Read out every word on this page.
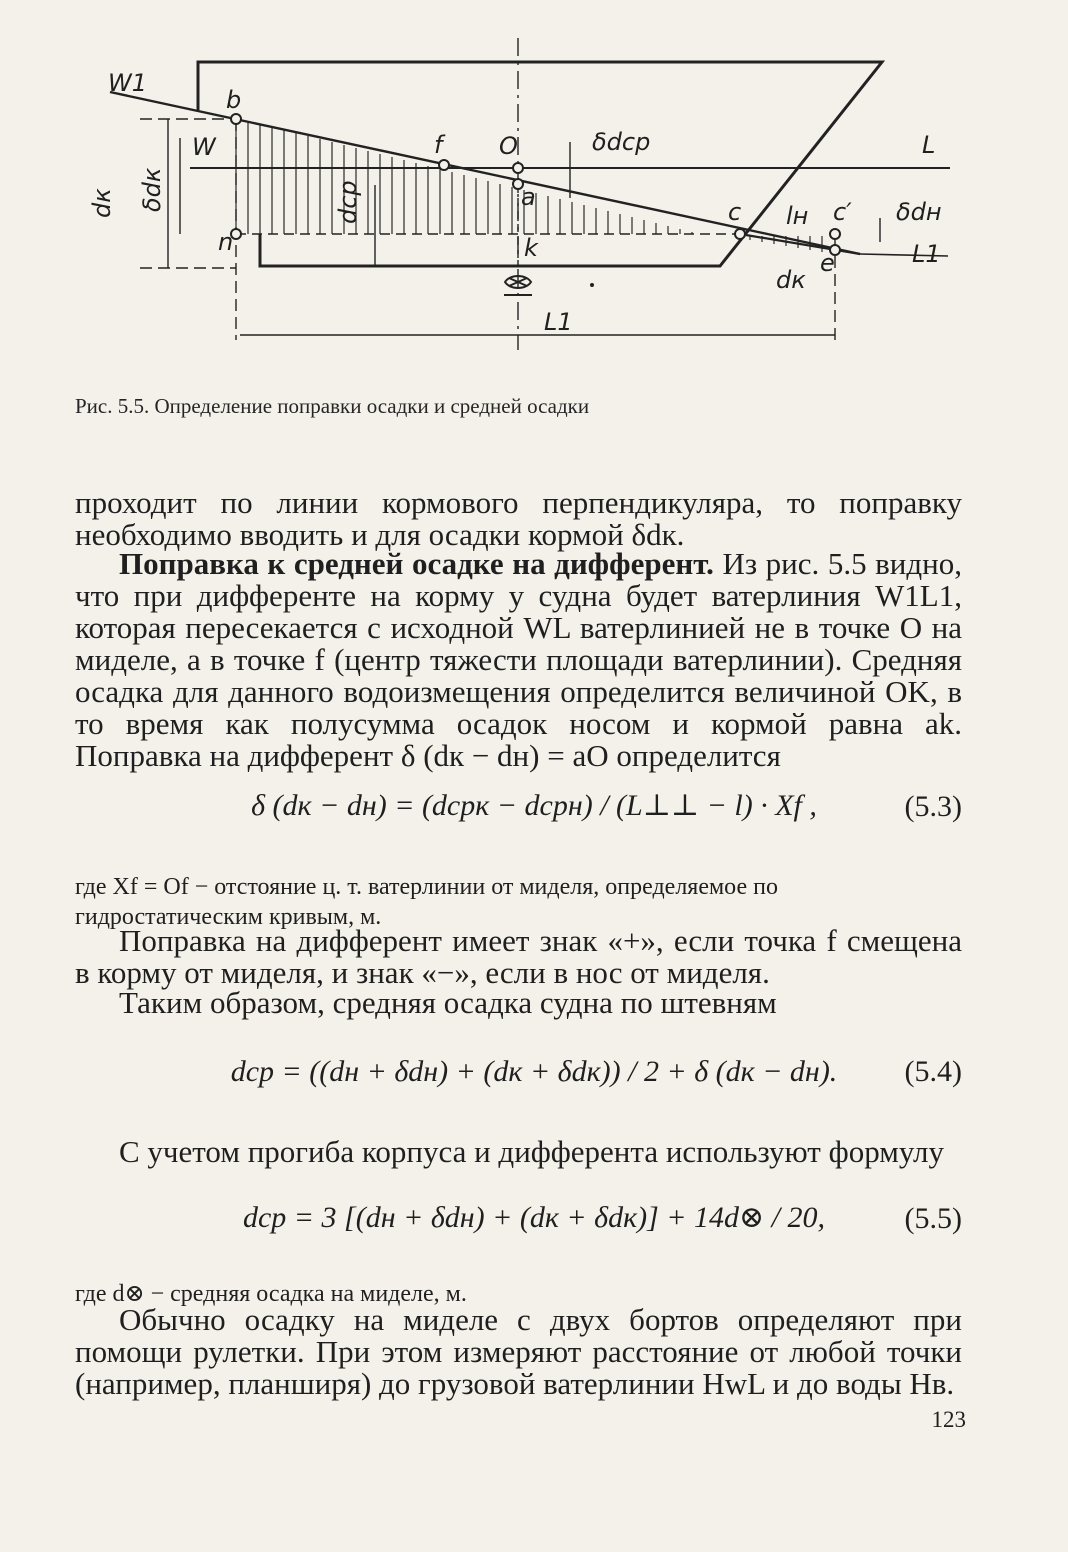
W1
b
W	f O	δdcp	L
dк δdк	dcp	a
c lн c′ δdн
n	k
e	L1
dк
L1
Рис. 5.5. Определение поправки осадки и средней осадки
проходит по линии кормового перпендикуляра, то поправку необходимо вводить и для осадки кормой δdк.
Поправка к средней осадке на дифферент. Из рис. 5.5 видно, что при дифференте на корму у судна будет ватерлиния W1L1, которая пересекается с исходной WL ватерлинией не в точке O на миделе, а в точке f (центр тяжести площади ватерлинии). Средняя осадка для данного водоизмещения определится величиной OK, в то время как полусумма осадок носом и кормой равна ak. Поправка на дифферент δ (dк − dн) = aO определится
δ (dк − dн) = (dсрк − dсрн) / (L⊥⊥ − l) · Xf ,	(5.3)
где Xf = Of − отстояние ц. т. ватерлинии от миделя, определяемое по гидростатическим кривым, м.
Поправка на дифферент имеет знак «+», если точка f смещена в корму от миделя, и знак «−», если в нос от миделя.
Таким образом, средняя осадка судна по штевням
dср = ((dн + δdн) + (dк + δdк)) / 2 + δ (dк − dн).	(5.4)
С учетом прогиба корпуса и дифферента используют формулу
dср = 3 [(dн + δdн) + (dк + δdк)] + 14d⊗ / 20,	(5.5)
где d⊗ − средняя осадка на миделе, м.
Обычно осадку на миделе с двух бортов определяют при помощи рулетки. При этом измеряют расстояние от любой точки (например, планширя) до грузовой ватерлинии HwL и до воды Hв.
123
